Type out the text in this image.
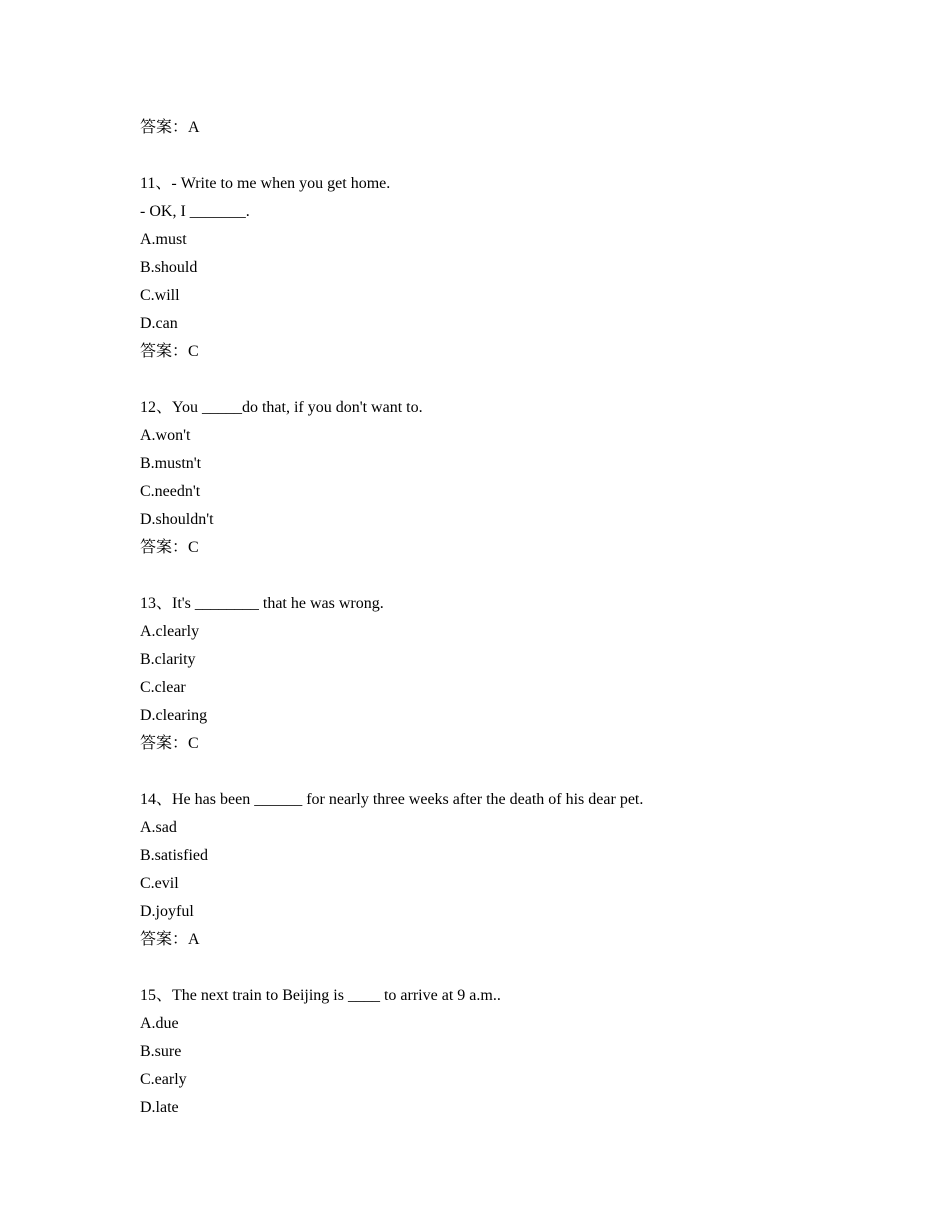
答案：A
11、- Write to me when you get home.
- OK, I _______.
A.must
B.should
C.will
D.can
答案：C
12、You _____do that, if you don't want to.
A.won't
B.mustn't
C.needn't
D.shouldn't
答案：C
13、It's ________ that he was wrong.
A.clearly
B.clarity
C.clear
D.clearing
答案：C
14、He has been ______ for nearly three weeks after the death of his dear pet.
A.sad
B.satisfied
C.evil
D.joyful
答案：A
15、The next train to Beijing is ____ to arrive at 9 a.m..
A.due
B.sure
C.early
D.late
